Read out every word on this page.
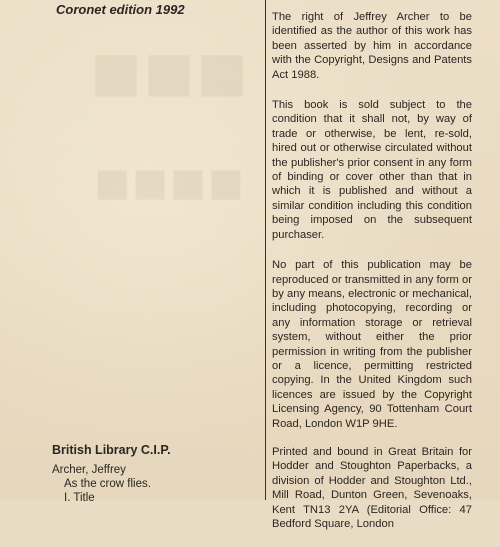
■■■
■■■■
Coronet edition 1992	The right of Jeffrey Archer to be identified as the author of this work has been asserted by him in accordance with the Copyright, Designs and Patents Act 1988.

This book is sold subject to the condition that it shall not, by way of trade or otherwise, be lent, re-sold, hired out or otherwise circulated without the publisher's prior consent in any form of binding or cover other than that in which it is published and without a similar condition including this condition being imposed on the subsequent purchaser.

No part of this publication may be reproduced or transmitted in any form or by any means, electronic or mechanical, including photocopying, recording or any information storage or retrieval system, without either the prior permission in writing from the publisher or a licence, permitting restricted copying. In the United Kingdom such licences are issued by the Copyright Licensing Agency, 90 Tottenham Court Road, London W1P 9HE.

Printed and bound in Great Britain for Hodder and Stoughton Paperbacks, a division of Hodder and Stoughton Ltd., Mill Road, Dunton Green, Sevenoaks, Kent TN13 2YA (Editorial Office: 47 Bedford Square, London

British Library C.I.P.
Archer, Jeffrey
As the crow flies.
I. Title
